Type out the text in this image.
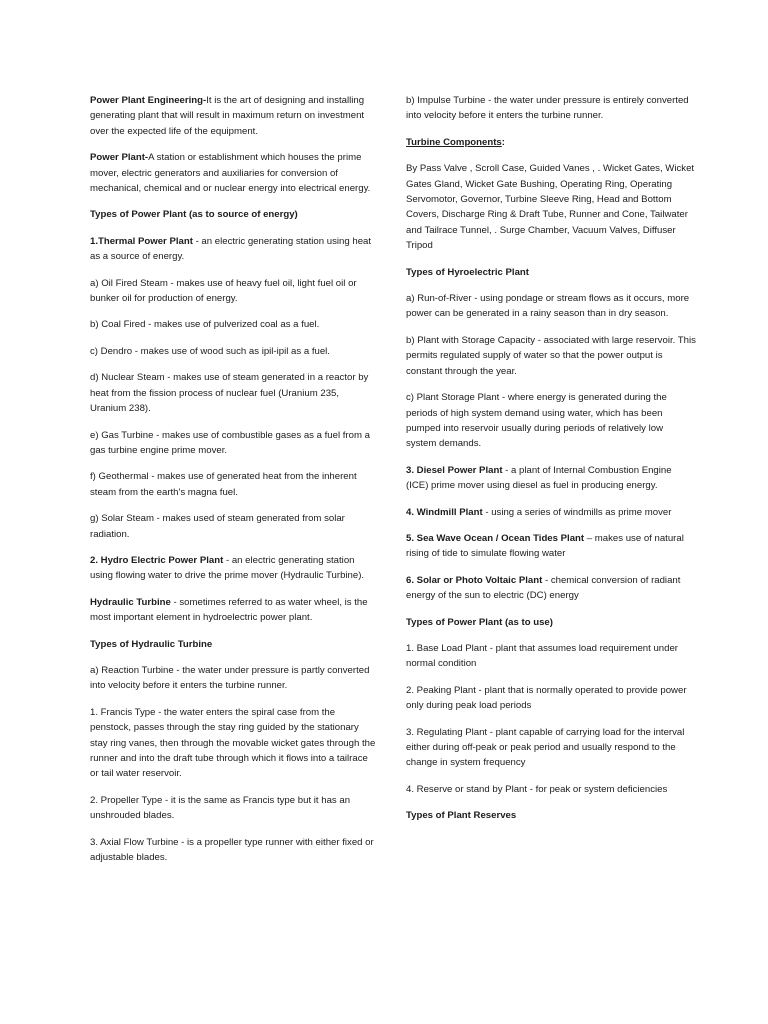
Power Plant Engineering-It is the art of designing and installing generating plant that will result in maximum return on investment over the expected life of the equipment.

Power Plant-A station or establishment which houses the prime mover, electric generators and auxiliaries for conversion of mechanical, chemical and or nuclear energy into electrical energy.

Types of Power Plant (as to source of energy)

1.Thermal Power Plant - an electric generating station using heat as a source of energy.

a) Oil Fired Steam - makes use of heavy fuel oil, light fuel oil or bunker oil for production of energy.

b) Coal Fired - makes use of pulverized coal as a fuel.

c) Dendro - makes use of wood such as ipil-ipil as a fuel.

d) Nuclear Steam - makes use of steam generated in a reactor by heat from the fission process of nuclear fuel (Uranium 235, Uranium 238).

e) Gas Turbine - makes use of combustible gases as a fuel from a gas turbine engine prime mover.

f) Geothermal - makes use of generated heat from the inherent steam from the earth's magna fuel.

g) Solar Steam - makes used of steam generated from solar radiation.

2. Hydro Electric Power Plant - an electric generating station using flowing water to drive the prime mover (Hydraulic Turbine).

Hydraulic Turbine - sometimes referred to as water wheel, is the most important element in hydroelectric power plant.

Types of Hydraulic Turbine

a) Reaction Turbine - the water under pressure is partly converted into velocity before it enters the turbine runner.

1. Francis Type - the water enters the spiral case from the penstock, passes through the stay ring guided by the stationary stay ring vanes, then through the movable wicket gates through the runner and into the draft tube through which it flows into a tailrace or tail water reservoir.

2. Propeller Type - it is the same as Francis type but it has an unshrouded blades.

3. Axial Flow Turbine - is a propeller type runner with either fixed or adjustable blades.

b) Impulse Turbine - the water under pressure is entirely converted into velocity before it enters the turbine runner.

Turbine Components:

By Pass Valve , Scroll Case, Guided Vanes , . Wicket Gates, Wicket Gates Gland, Wicket Gate Bushing, Operating Ring, Operating Servomotor, Governor, Turbine Sleeve Ring, Head and Bottom Covers, Discharge Ring & Draft Tube, Runner and Cone, Tailwater and Tailrace Tunnel, . Surge Chamber, Vacuum Valves, Diffuser Tripod

Types of Hyroelectric Plant

a) Run-of-River - using pondage or stream flows as it occurs, more power can be generated in a rainy season than in dry season.

b) Plant with Storage Capacity - associated with large reservoir. This permits regulated supply of water so that the power output is constant through the year.

c) Plant Storage Plant - where energy is generated during the periods of high system demand using water, which has been pumped into reservoir usually during periods of relatively low system demands.

3. Diesel Power Plant - a plant of Internal Combustion Engine (ICE) prime mover using diesel as fuel in producing energy.

4. Windmill Plant - using a series of windmills as prime mover

5. Sea Wave Ocean / Ocean Tides Plant – makes use of natural rising of tide to simulate flowing water

6. Solar or Photo Voltaic Plant - chemical conversion of radiant energy of the sun to electric (DC) energy

Types of Power Plant (as to use)

1. Base Load Plant - plant that assumes load requirement under normal condition

2. Peaking Plant - plant that is normally operated to provide power only during peak load periods

3. Regulating Plant - plant capable of carrying load for the interval either during off-peak or peak period and usually respond to the change in system frequency

4. Reserve or stand by Plant - for peak or system deficiencies

Types of Plant Reserves
